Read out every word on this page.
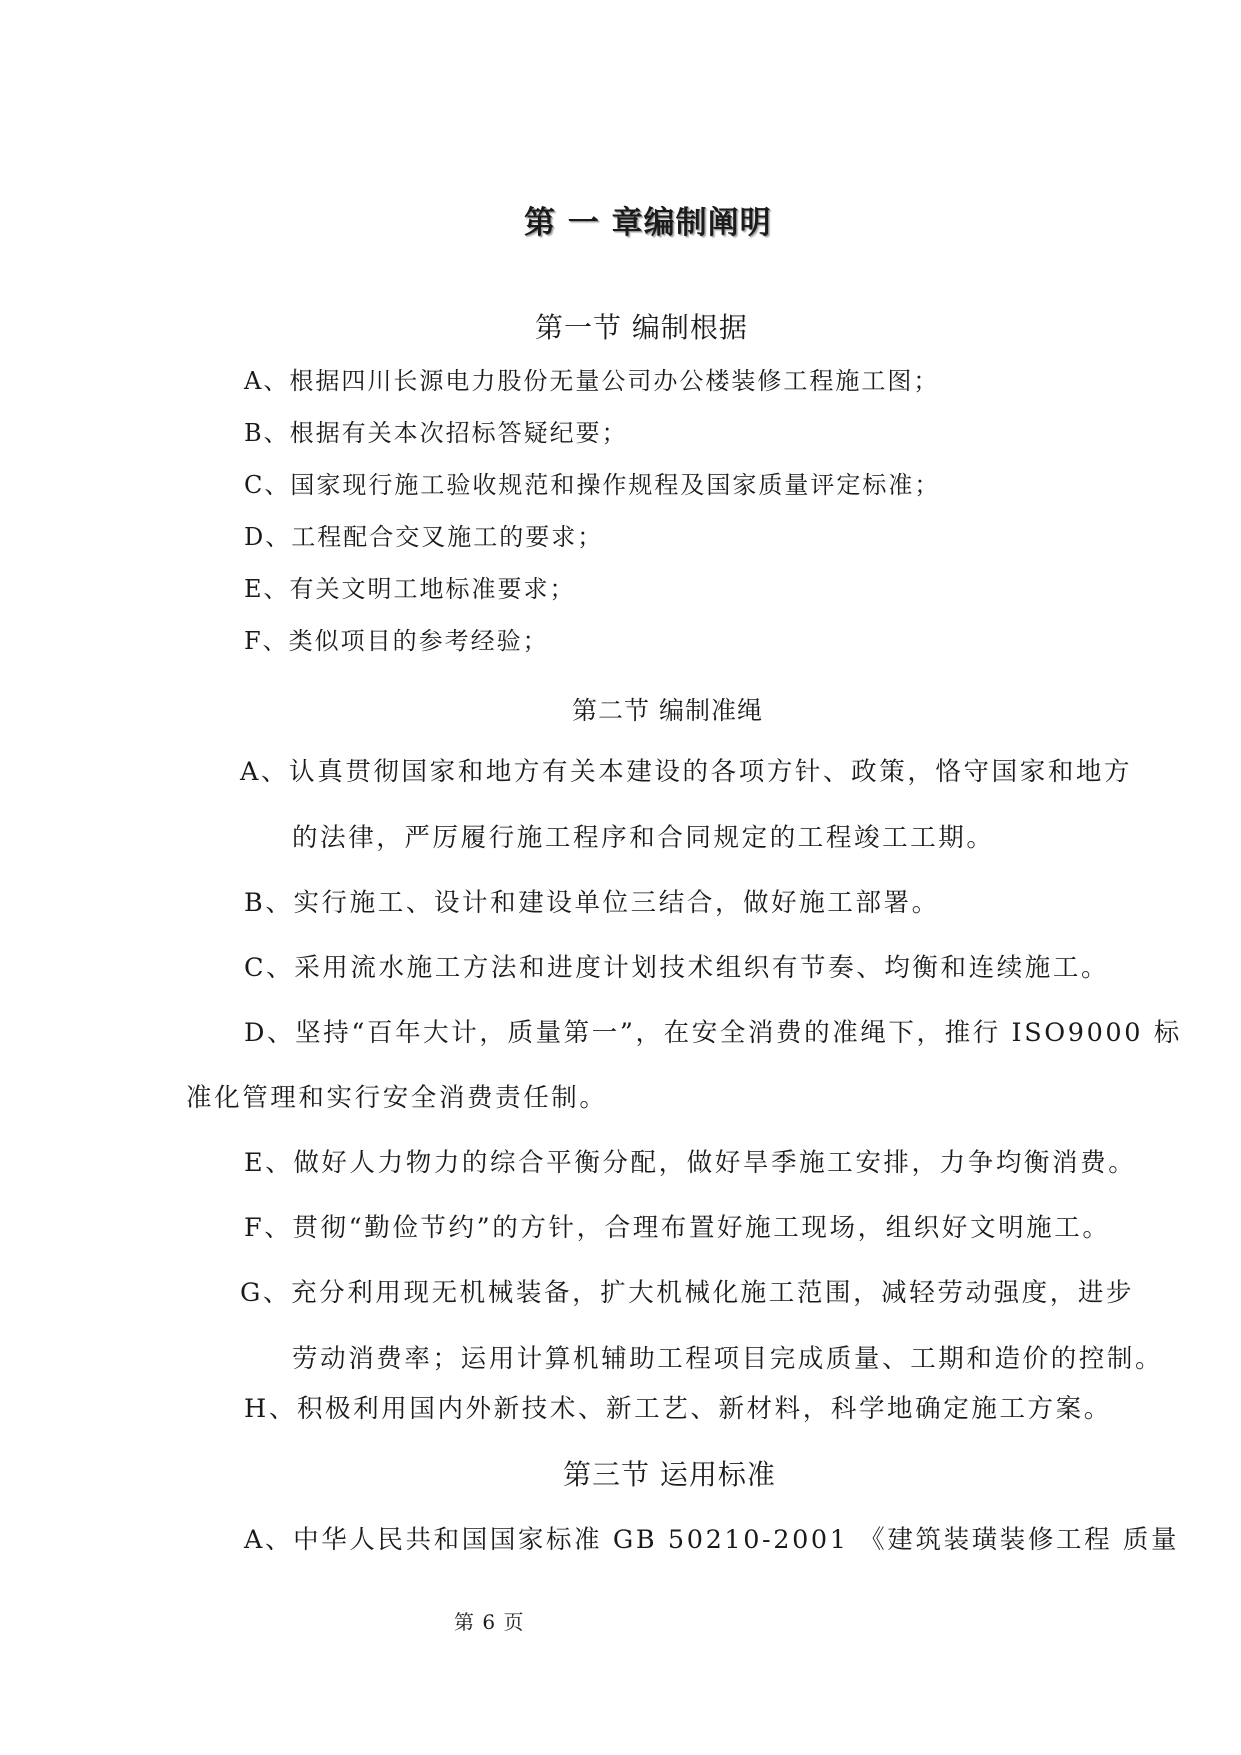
第 一 章编制阐明
第一节 编制根据
A、根据四川长源电力股份无量公司办公楼装修工程施工图；
B、根据有关本次招标答疑纪要；
C、国家现行施工验收规范和操作规程及国家质量评定标准；
D、工程配合交叉施工的要求；
E、有关文明工地标准要求；
F、类似项目的参考经验；
第二节 编制准绳
A、认真贯彻国家和地方有关本建设的各项方针、政策，恪守国家和地方
的法律，严厉履行施工程序和合同规定的工程竣工工期。
B、实行施工、设计和建设单位三结合，做好施工部署。
C、采用流水施工方法和进度计划技术组织有节奏、均衡和连续施工。
D、坚持“百年大计，质量第一”，在安全消费的准绳下，推行 ISO9000 标
准化管理和实行安全消费责任制。
E、做好人力物力的综合平衡分配，做好旱季施工安排，力争均衡消费。
F、贯彻“勤俭节约”的方针，合理布置好施工现场，组织好文明施工。
G、充分利用现无机械装备，扩大机械化施工范围，减轻劳动强度，进步
劳动消费率；运用计算机辅助工程项目完成质量、工期和造价的控制。
H、积极利用国内外新技术、新工艺、新材料，科学地确定施工方案。
第三节 运用标准
A、中华人民共和国国家标准 GB 50210-2001 《建筑装璜装修工程 质量
第 6 页
